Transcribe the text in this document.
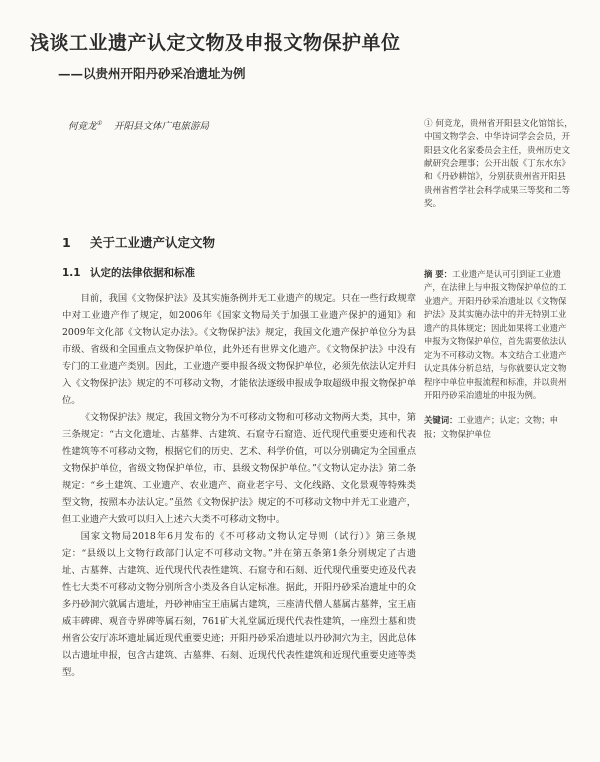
浅谈工业遗产认定文物及申报文物保护单位
——以贵州开阳丹砂采冶遗址为例
何竞龙① 开阳县文体广电旅游局	① 何竞龙，贵州省开阳县文化馆馆长，中国文物学会、中华诗词学会会员，开阳县文化名家委员会主任，贵州历史文献研究会理事；公开出版《丁东水东》和《丹砂耕馆》，分别获贵州省开阳县贵州省哲学社会科学成果三等奖和二等奖。
1 关于工业遗产认定文物
1.1 认定的法律依据和标准

目前，我国《文物保护法》及其实施条例并无工业遗产的规定。只在一些行政规章中对工业遗产作了规定，如2006年《国家文物局关于加强工业遗产保护的通知》和2009年文化部《文物认定办法》。《文物保护法》规定，我国文化遗产保护单位分为县市级、省级和全国重点文物保护单位，此外还有世界文化遗产。《文物保护法》中没有专门的工业遗产类别。因此，工业遗产要申报各级文物保护单位，必须先依法认定并归入《文物保护法》规定的不可移动文物，才能依法逐级申报成争取超级申报文物保护单位。

《文物保护法》规定，我国文物分为不可移动文物和可移动文物两大类，其中，第三条规定：“古文化遗址、古墓葬、古建筑、石窟寺石窟造、近代现代重要史迹和代表性建筑等不可移动文物，根据它们的历史、艺术、科学价值，可以分别确定为全国重点文物保护单位，省级文物保护单位，市、县级文物保护单位。”《文物认定办法》第二条规定：“乡土建筑、工业遗产、农业遗产、商业老字号、文化线路、文化景观等特殊类型文物，按照本办法认定。”虽然《文物保护法》规定的不可移动文物中并无工业遗产，但工业遗产大致可以归入上述六大类不可移动文物中。

国家文物局2018年6月发布的《不可移动文物认定导则（试行）》第三条规定：“县级以上文物行政部门认定不可移动文物。”并在第五条第1条分别规定了古遗址、古墓葬、古建筑、近代现代代表性建筑、石窟寺和石刻、近代现代重要史迹及代表性七大类不可移动文物分别所含小类及各自认定标准。据此，开阳丹砂采冶遗址中的众多丹砂洞穴就属古遗址，丹砂神庙宝王庙属古建筑，三座清代僧人墓属古墓葬，宝王庙威丰碑碑、观音寺界碑等属石刻，761矿大礼堂属近现代代表性建筑，一座烈士墓和贵州省公安厅冻坏遗址属近现代重要史迹；开阳丹砂采冶遗址以丹砂洞穴为主，因此总体以古遗址申报，包含古建筑、古墓葬、石刻、近现代代表性建筑和近现代重要史迹等类型。

摘 要：工业遗产是认可引到证工业遗产，在法律上与申报文物保护单位的工业遗产。开阳丹砂采冶遗址以《文物保护法》及其实施办法中的并无特别工业遗产的具体规定；因此如果将工业遗产申报为文物保护单位，首先需要依法认定为不可移动文物。本文结合工业遗产认定具体分析总结，与你就要认定文物程序中单位申报流程和标准，并以贵州开阳丹砂采冶遗址的申报为例。

关键词：工业遗产；认定；文物；申报；文物保护单位
